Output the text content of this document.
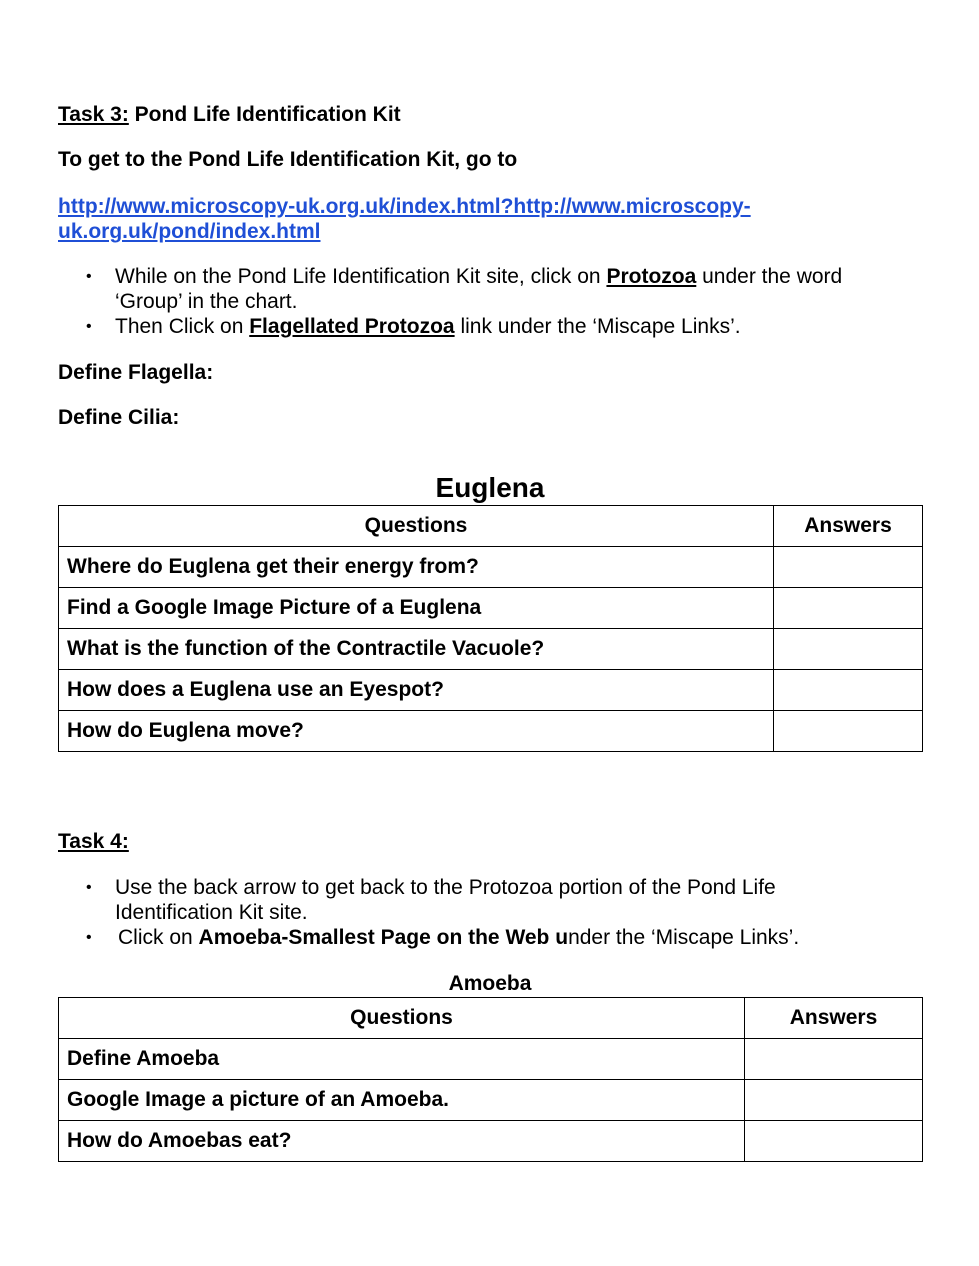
Task 3: Pond Life Identification Kit
To get to the Pond Life Identification Kit, go to
http://www.microscopy-uk.org.uk/index.html?http://www.microscopy-
uk.org.uk/pond/index.html
• While on the Pond Life Identification Kit site, click on Protozoa under the word
‘Group’ in the chart.
• Then Click on Flagellated Protozoa link under the ‘Miscape Links’.
Define Flagella:
Define Cilia:
Euglena
Questions	Answers
Where do Euglena get their energy from?	
Find a Google Image Picture of a Euglena	
What is the function of the Contractile Vacuole?	
How does a Euglena use an Eyespot?	
How do Euglena move?	
Task 4:
• Use the back arrow to get back to the Protozoa portion of the Pond Life
Identification Kit site.
• Click on Amoeba-Smallest Page on the Web under the ‘Miscape Links’.
Amoeba
Questions	Answers
Define Amoeba	
Google Image a picture of an Amoeba.	
How do Amoebas eat?	
